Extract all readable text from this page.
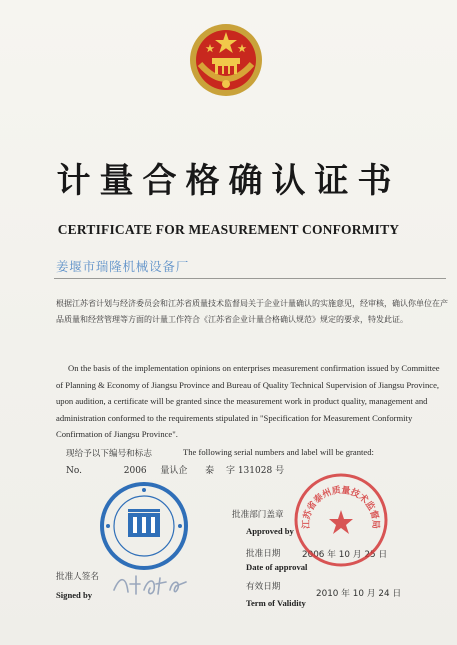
计量合格确认证书
CERTIFICATE FOR MEASUREMENT CONFORMITY
姜堰市瑞隆机械设备厂
根据江苏省计划与经济委员会和江苏省质量技术监督局关于企业计量确认的实施意见，经审核，确认你单位在产品质量和经营管理等方面的计量工作符合《江苏省企业计量合格确认规范》规定的要求，特发此证。
On the basis of the implementation opinions on enterprises measurement confirmation issued by Committee of Planning & Economy of Jiangsu Province and Bureau of Quality Technical Supervision of Jiangsu Province, upon audition, a certificate will be granted since the measurement work in product quality, management and administration conformed to the requirements stipulated in "Specification for Measurement Conformity Confirmation of Jiangsu Province".
现给予以下编号和标志	The following serial numbers and label will be granted:
No.	2006 量认企 泰 字 131028 号
批准部门盖章
Approved by
批准日期 2006 年 10 月 25 日
Date of approval
有效日期
2010 年 10 月 24 日
Term of Validity
江苏省泰州质量技术监督局
批准人签名
Signed by
